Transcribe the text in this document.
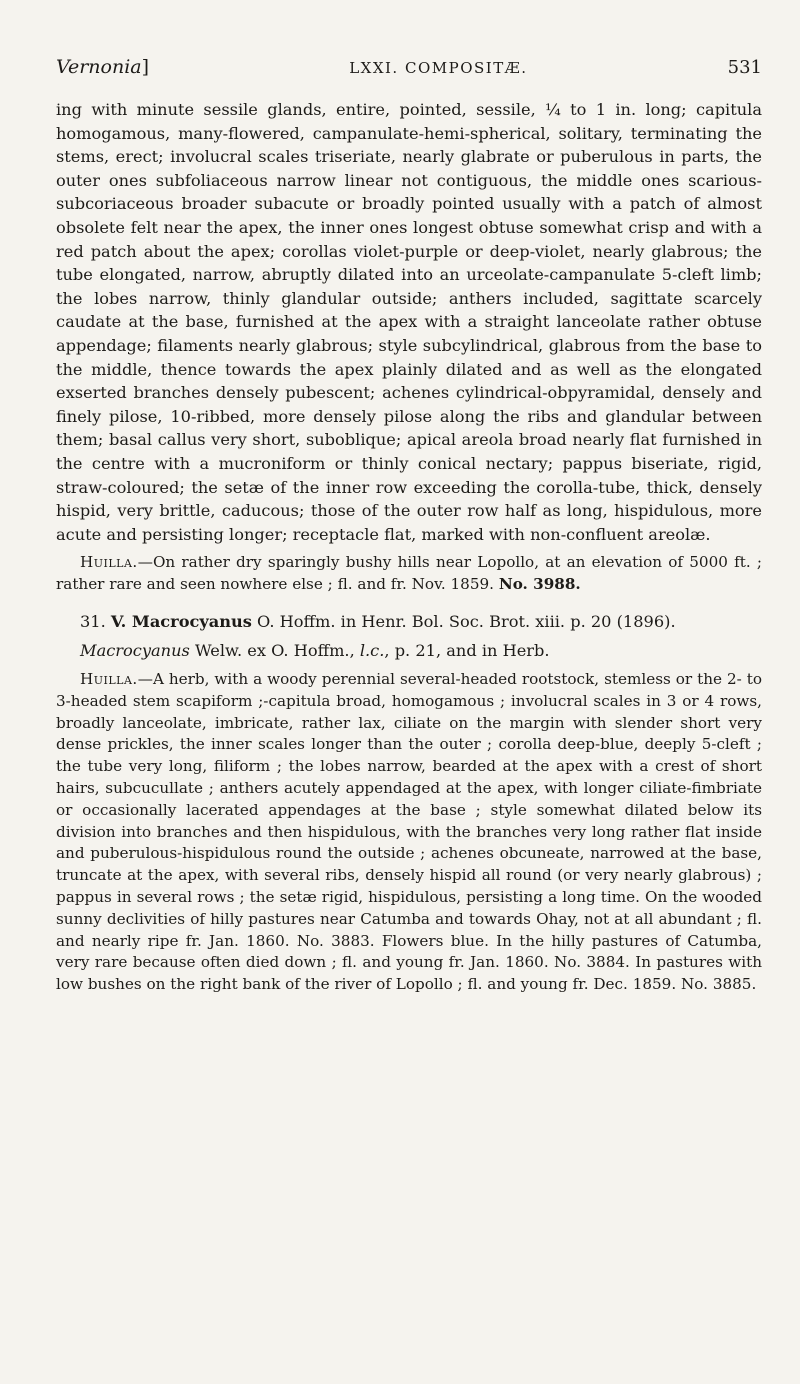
Vernonia]	LXXI. COMPOSITÆ.	531

ing with minute sessile glands, entire, pointed, sessile, ¼ to 1 in. long; capitula homogamous, many-flowered, campanulate-hemi-spherical, solitary, terminating the stems, erect; involucral scales triseriate, nearly glabrate or puberulous in parts, the outer ones subfoliaceous narrow linear not contiguous, the middle ones scarious-subcoriaceous broader subacute or broadly pointed usually with a patch of almost obsolete felt near the apex, the inner ones longest obtuse somewhat crisp and with a red patch about the apex; corollas violet-purple or deep-violet, nearly glabrous; the tube elongated, narrow, abruptly dilated into an urceolate-campanulate 5-cleft limb; the lobes narrow, thinly glandular outside; anthers included, sagittate scarcely caudate at the base, furnished at the apex with a straight lanceolate rather obtuse appendage; filaments nearly glabrous; style subcylindrical, glabrous from the base to the middle, thence towards the apex plainly dilated and as well as the elongated exserted branches densely pubescent; achenes cylindrical-obpyramidal, densely and finely pilose, 10-ribbed, more densely pilose along the ribs and glandular between them; basal callus very short, suboblique; apical areola broad nearly flat furnished in the centre with a mucroniform or thinly conical nectary; pappus biseriate, rigid, straw-coloured; the setæ of the inner row exceeding the corolla-tube, thick, densely hispid, very brittle, caducous; those of the outer row half as long, hispidulous, more acute and persisting longer; receptacle flat, marked with non-confluent areolæ.

Huilla.—On rather dry sparingly bushy hills near Lopollo, at an elevation of 5000 ft. ; rather rare and seen nowhere else ; fl. and fr. Nov. 1859. No. 3988.

31. V. Macrocyanus O. Hoffm. in Henr. Bol. Soc. Brot. xiii. p. 20 (1896).

Macrocyanus Welw. ex O. Hoffm., l.c., p. 21, and in Herb.

Huilla.—A herb, with a woody perennial several-headed rootstock, stemless or the 2- to 3-headed stem scapiform ;-capitula broad, homogamous ; involucral scales in 3 or 4 rows, broadly lanceolate, imbricate, rather lax, ciliate on the margin with slender short very dense prickles, the inner scales longer than the outer ; corolla deep-blue, deeply 5-cleft ; the tube very long, filiform ; the lobes narrow, bearded at the apex with a crest of short hairs, subcucullate ; anthers acutely appendaged at the apex, with longer ciliate-fimbriate or occasionally lacerated appendages at the base ; style somewhat dilated below its division into branches and then hispidulous, with the branches very long rather flat inside and puberulous-hispidulous round the outside ; achenes obcuneate, narrowed at the base, truncate at the apex, with several ribs, densely hispid all round (or very nearly glabrous) ; pappus in several rows ; the setæ rigid, hispidulous, persisting a long time. On the wooded sunny declivities of hilly pastures near Catumba and towards Ohay, not at all abundant ; fl. and nearly ripe fr. Jan. 1860. No. 3883. Flowers blue. In the hilly pastures of Catumba, very rare because often died down ; fl. and young fr. Jan. 1860. No. 3884. In pastures with low bushes on the right bank of the river of Lopollo ; fl. and young fr. Dec. 1859. No. 3885.
